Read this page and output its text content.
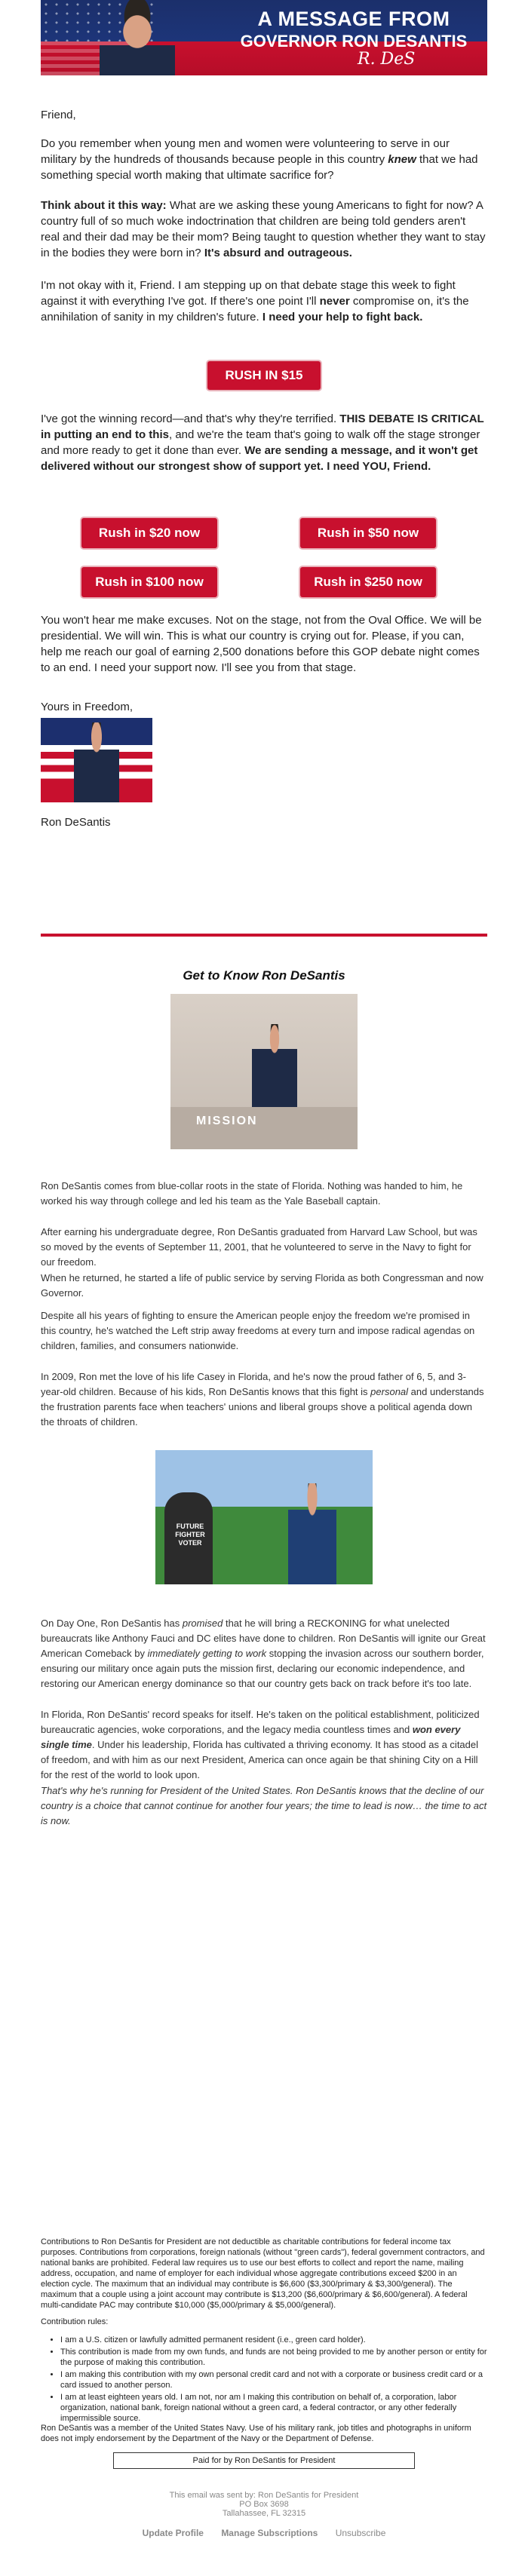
A MESSAGE FROM
GOVERNOR RON DESANTIS
R. DeS

Friend,

Do you remember when young men and women were volunteering to serve in our military by the hundreds of thousands because people in this country knew that we had something special worth making that ultimate sacrifice for?

Think about it this way: What are we asking these young Americans to fight for now? A country full of so much woke indoctrination that children are being told genders aren't real and their dad may be their mom? Being taught to question whether they want to stay in the bodies they were born in? It's absurd and outrageous.

I'm not okay with it, Friend. I am stepping up on that debate stage this week to fight against it with everything I've got. If there's one point I'll never compromise on, it's the annihilation of sanity in my children's future. I need your help to fight back.

RUSH IN $15

I've got the winning record—and that's why they're terrified. THIS DEBATE IS CRITICAL in putting an end to this, and we're the team that's going to walk off the stage stronger and more ready to get it done than ever. We are sending a message, and it won't get delivered without our strongest show of support yet. I need YOU, Friend.

Rush in $20 now	Rush in $50 now
Rush in $100 now	Rush in $250 now

You won't hear me make excuses. Not on the stage, not from the Oval Office. We will be presidential. We will win. This is what our country is crying out for. Please, if you can, help me reach our goal of earning 2,500 donations before this GOP debate night comes to an end. I need your support now. I'll see you from that stage.

Yours in Freedom,

Ron DeSantis

Get to Know Ron DeSantis
MISSION

Ron DeSantis comes from blue-collar roots in the state of Florida. Nothing was handed to him, he worked his way through college and led his team as the Yale Baseball captain.

After earning his undergraduate degree, Ron DeSantis graduated from Harvard Law School, but was so moved by the events of September 11, 2001, that he volunteered to serve in the Navy to fight for our freedom.

When he returned, he started a life of public service by serving Florida as both Congressman and now Governor.

Despite all his years of fighting to ensure the American people enjoy the freedom we're promised in this country, he's watched the Left strip away freedoms at every turn and impose radical agendas on children, families, and consumers nationwide.

In 2009, Ron met the love of his life Casey in Florida, and he's now the proud father of 6, 5, and 3-year-old children. Because of his kids, Ron DeSantis knows that this fight is personal and understands the frustration parents face when teachers' unions and liberal groups shove a political agenda down the throats of children.

FUTURE FIGHTER VOTER

On Day One, Ron DeSantis has promised that he will bring a RECKONING for what unelected bureaucrats like Anthony Fauci and DC elites have done to children. Ron DeSantis will ignite our Great American Comeback by immediately getting to work stopping the invasion across our southern border, ensuring our military once again puts the mission first, declaring our economic independence, and restoring our American energy dominance so that our country gets back on track before it's too late.

In Florida, Ron DeSantis' record speaks for itself. He's taken on the political establishment, politicized bureaucratic agencies, woke corporations, and the legacy media countless times and won every single time. Under his leadership, Florida has cultivated a thriving economy. It has stood as a citadel of freedom, and with him as our next President, America can once again be that shining City on a Hill for the rest of the world to look upon.

That's why he's running for President of the United States. Ron DeSantis knows that the decline of our country is a choice that cannot continue for another four years; the time to lead is now… the time to act is now.

Contributions to Ron DeSantis for President are not deductible as charitable contributions for federal income tax purposes. Contributions from corporations, foreign nationals (without "green cards"), federal government contractors, and national banks are prohibited. Federal law requires us to use our best efforts to collect and report the name, mailing address, occupation, and name of employer for each individual whose aggregate contributions exceed $200 in an election cycle. The maximum that an individual may contribute is $6,600 ($3,300/primary & $3,300/general). The maximum that a couple using a joint account may contribute is $13,200 ($6,600/primary & $6,600/general). A federal multi-candidate PAC may contribute $10,000 ($5,000/primary & $5,000/general).

Contribution rules:

• I am a U.S. citizen or lawfully admitted permanent resident (i.e., green card holder).
• This contribution is made from my own funds, and funds are not being provided to me by another person or entity for the purpose of making this contribution.
• I am making this contribution with my own personal credit card and not with a corporate or business credit card or a card issued to another person.
• I am at least eighteen years old. I am not, nor am I making this contribution on behalf of, a corporation, labor organization, national bank, foreign national without a green card, a federal contractor, or any other federally impermissible source.

Ron DeSantis was a member of the United States Navy. Use of his military rank, job titles and photographs in uniform does not imply endorsement by the Department of the Navy or the Department of Defense.

Paid for by Ron DeSantis for President
This email was sent by: Ron DeSantis for President
PO Box 3698
Tallahassee, FL 32315
Update Profile Manage Subscriptions Unsubscribe
